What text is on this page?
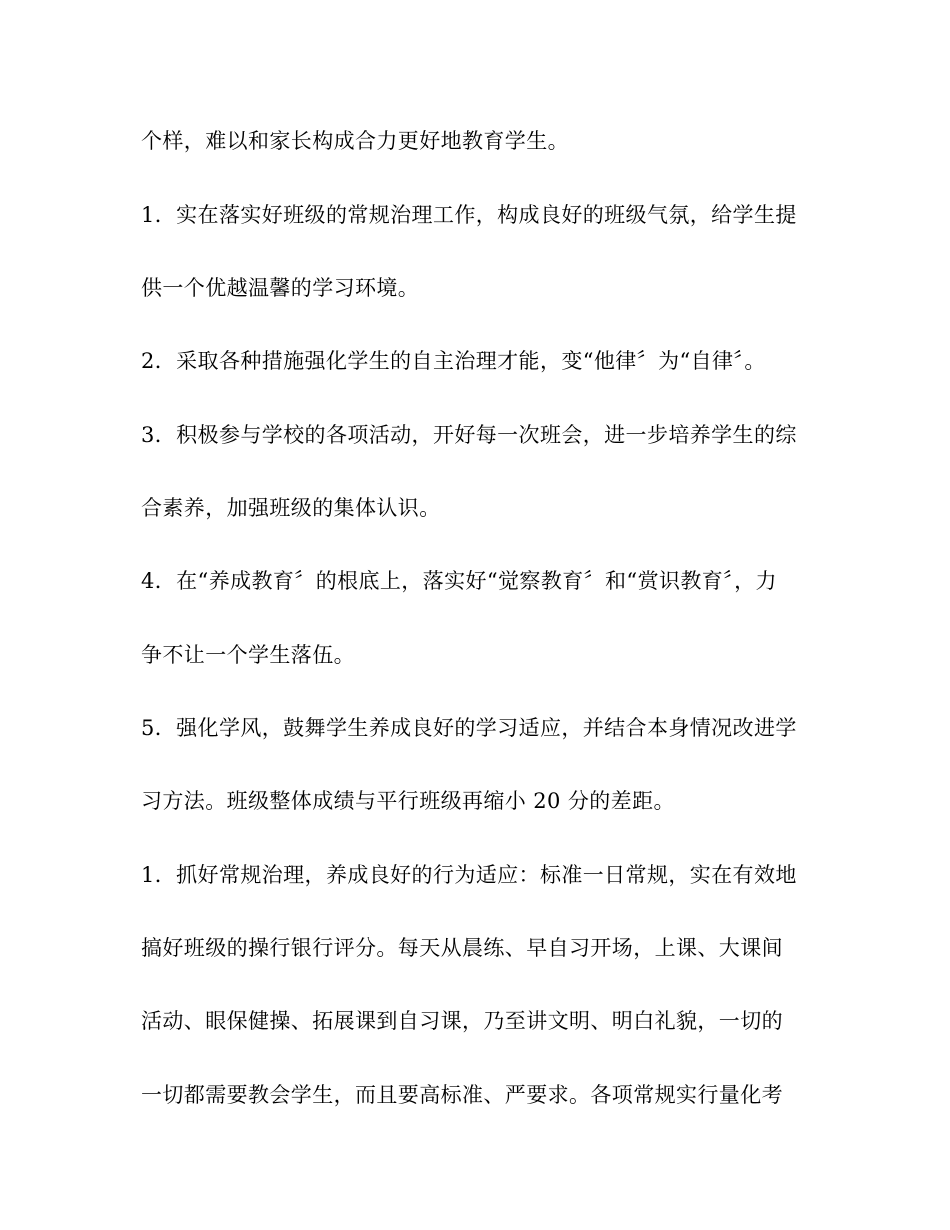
个样，难以和家长构成合力更好地教育学生。

1．实在落实好班级的常规治理工作，构成良好的班级气氛，给学生提

供一个优越温馨的学习环境。

2．采取各种措施强化学生的自主治理才能，变“他律〞为“自律〞。

3．积极参与学校的各项活动，开好每一次班会，进一步培养学生的综

合素养，加强班级的集体认识。

4．在“养成教育〞的根底上，落实好“觉察教育〞和“赏识教育〞，力

争不让一个学生落伍。

5．强化学风，鼓舞学生养成良好的学习适应，并结合本身情况改进学

习方法。班级整体成绩与平行班级再缩小 20 分的差距。

1．抓好常规治理，养成良好的行为适应：标准一日常规，实在有效地

搞好班级的操行银行评分。每天从晨练、早自习开场，上课、大课间

活动、眼保健操、拓展课到自习课，乃至讲文明、明白礼貌，一切的

一切都需要教会学生，而且要高标准、严要求。各项常规实行量化考
